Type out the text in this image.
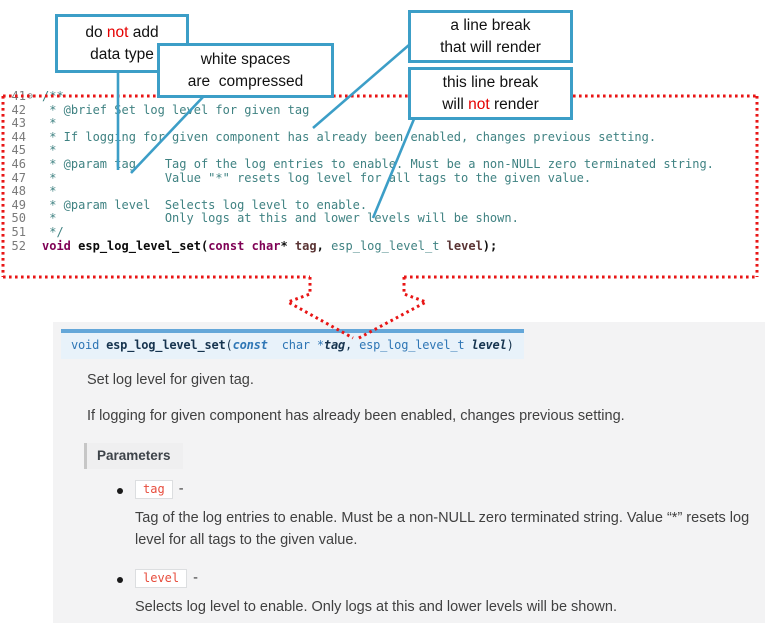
41 ⊖ /**
42 * @brief Set log level for given tag
43 *
44 * If logging for given component has already been enabled, changes previous setting.
45 *
46 * @param tag    Tag of the log entries to enable. Must be a non-NULL zero terminated string.
47 *               Value "*" resets log level for all tags to the given value.
48 *
49 * @param level  Selects log level to enable.
50 *               Only logs at this and lower levels will be shown.
51 */
52 void esp_log_level_set(const char* tag, esp_log_level_t level);
void esp_log_level_set(const char *tag, esp_log_level_t level)
Set log level for given tag.
If logging for given component has already been enabled, changes previous setting.
Parameters
tag -
Tag of the log entries to enable. Must be a non-NULL zero terminated string. Value “*” resets log level for all tags to the given value.
level -
Selects log level to enable. Only logs at this and lower levels will be shown.
do not add
data type	white spaces
are  compressed
a line break
that will render
this line break
will not render
